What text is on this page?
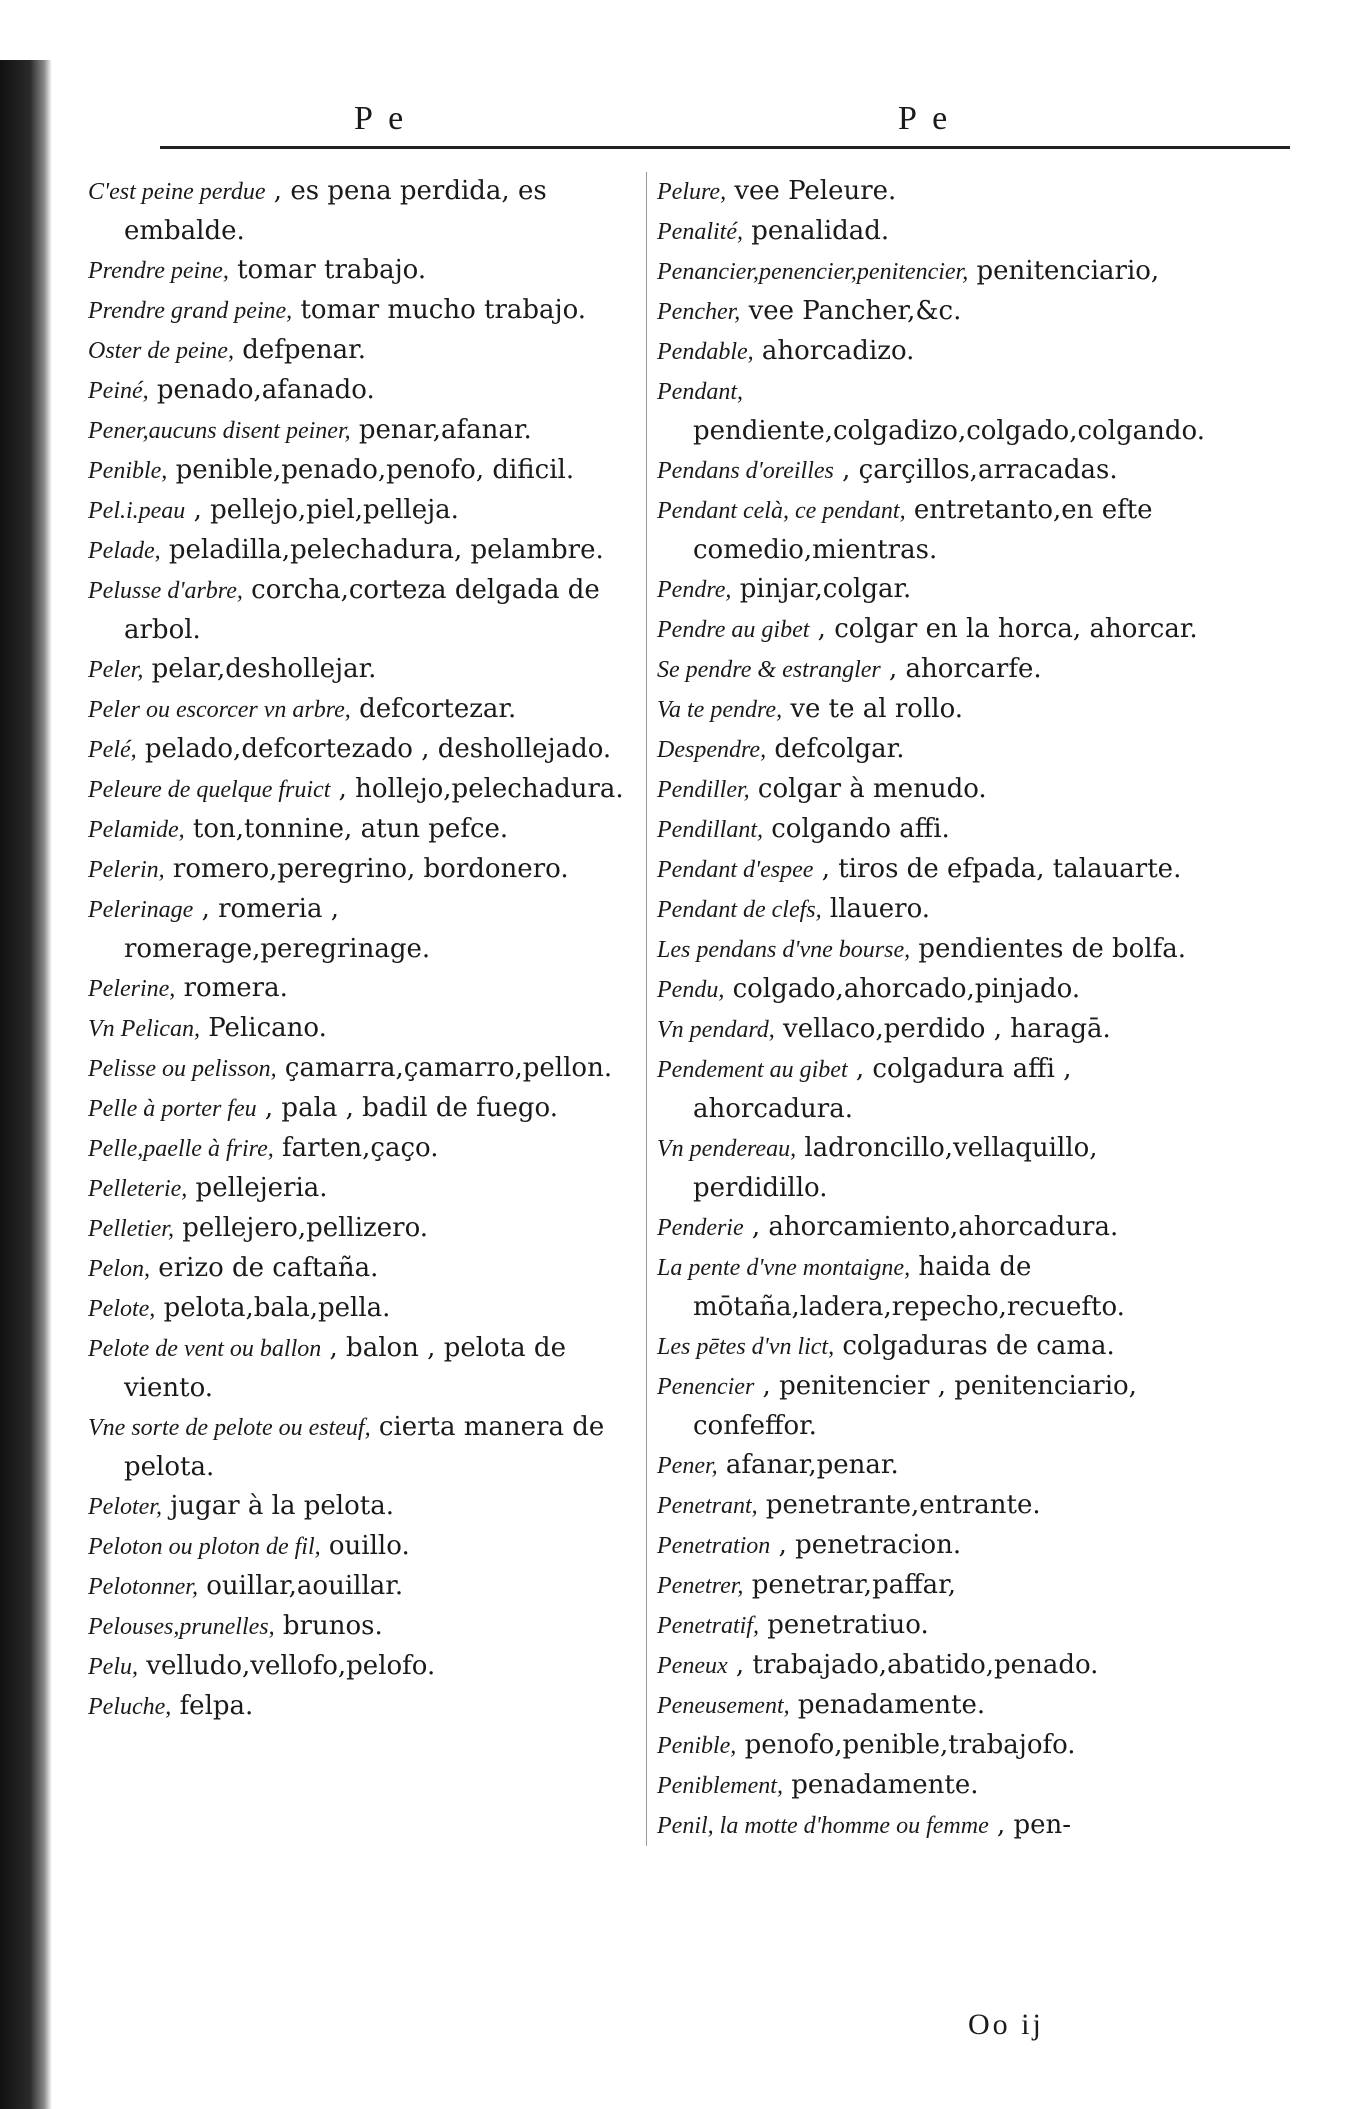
P e	P e
C'est peine perdue , es pena perdida, es embalde.
Prendre peine, tomar trabajo.
Prendre grand peine, tomar mucho trabajo.
Oster de peine, defpenar.
Peiné, penado,afanado.
Pener,aucuns disent peiner, penar,afanar.
Penible, penible,penado,penofo, dificil.
Pel.i.peau , pellejo,piel,pelleja.
Pelade, peladilla,pelechadura, pelambre.
Pelusse d'arbre, corcha,corteza delgada de arbol.
Peler, pelar,deshollejar.
Peler ou escorcer vn arbre, defcortezar.
Pelé, pelado,defcortezado , deshollejado.
Peleure de quelque fruict , hollejo,pelechadura.
Pelamide, ton,tonnine, atun pefce.
Pelerin, romero,peregrino, bordonero.
Pelerinage , romeria , romerage,peregrinage.
Pelerine, romera.
Vn Pelican, Pelicano.
Pelisse ou pelisson, çamarra,çamarro,pellon.
Pelle à porter feu , pala , badil de fuego.
Pelle,paelle à frire, farten,çaço.
Pelleterie, pellejeria.
Pelletier, pellejero,pellizero.
Pelon, erizo de caftaña.
Pelote, pelota,bala,pella.
Pelote de vent ou ballon , balon , pelota de viento.
Vne sorte de pelote ou esteuf, cierta manera de pelota.
Peloter, jugar à la pelota.
Peloton ou ploton de fil, ouillo.
Pelotonner, ouillar,aouillar.
Pelouses,prunelles, brunos.
Pelu, velludo,vellofo,pelofo.
Peluche, felpa.
Pelure, vee Peleure.
Penalité, penalidad.
Penancier,penencier,penitencier, penitenciario,
Pencher, vee Pancher,&c.
Pendable, ahorcadizo.
Pendant, pendiente,colgadizo,colgado,colgando.
Pendans d'oreilles , çarçillos,arracadas.
Pendant celà, ce pendant, entretanto,en efte comedio,mientras.
Pendre, pinjar,colgar.
Pendre au gibet , colgar en la horca, ahorcar.
Se pendre & estrangler , ahorcarfe.
Va te pendre, ve te al rollo.
Despendre, defcolgar.
Pendiller, colgar à menudo.
Pendillant, colgando affi.
Pendant d'espee , tiros de efpada, talauarte.
Pendant de clefs, llauero.
Les pendans d'vne bourse, pendientes de bolfa.
Pendu, colgado,ahorcado,pinjado.
Vn pendard, vellaco,perdido , haragā.
Pendement au gibet , colgadura affi , ahorcadura.
Vn pendereau, ladroncillo,vellaquillo, perdidillo.
Penderie , ahorcamiento,ahorcadura.
La pente d'vne montaigne, haida de mōtaña,ladera,repecho,recuefto.
Les pētes d'vn lict, colgaduras de cama.
Penencier , penitencier , penitenciario, confeffor.
Pener, afanar,penar.
Penetrant, penetrante,entrante.
Penetration , penetracion.
Penetrer, penetrar,paffar,
Penetratif, penetratiuo.
Peneux , trabajado,abatido,penado.
Peneusement, penadamente.
Penible, penofo,penible,trabajofo.
Peniblement, penadamente.
Penil, la motte d'homme ou femme , pen-
Oo ij
